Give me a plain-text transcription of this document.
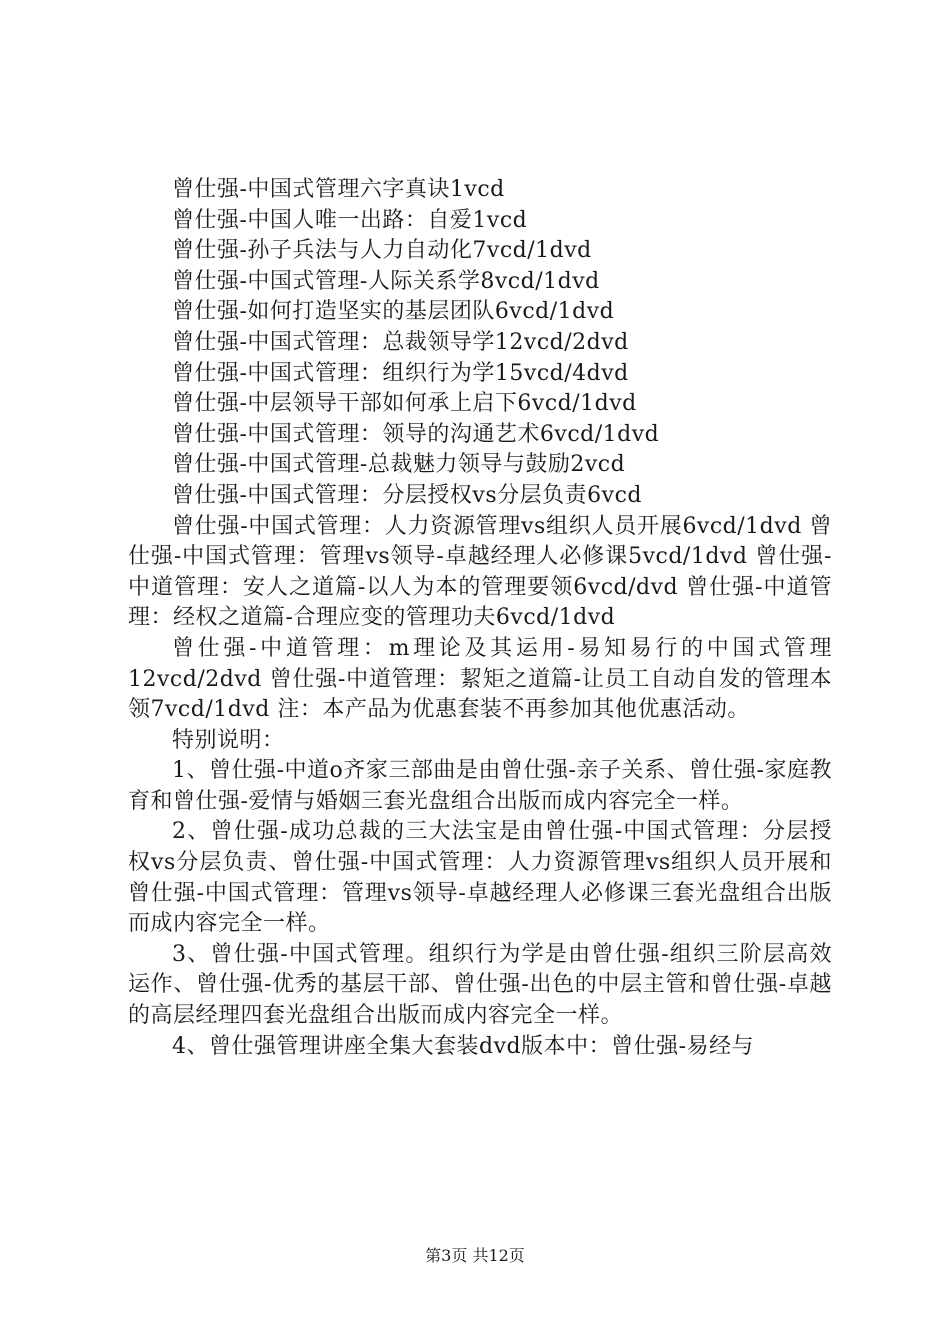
曾仕强-中国式管理六字真诀1vcd

曾仕强-中国人唯一出路：自爱1vcd

曾仕强-孙子兵法与人力自动化7vcd/1dvd

曾仕强-中国式管理-人际关系学8vcd/1dvd

曾仕强-如何打造坚实的基层团队6vcd/1dvd

曾仕强-中国式管理：总裁领导学12vcd/2dvd

曾仕强-中国式管理：组织行为学15vcd/4dvd

曾仕强-中层领导干部如何承上启下6vcd/1dvd

曾仕强-中国式管理：领导的沟通艺术6vcd/1dvd

曾仕强-中国式管理-总裁魅力领导与鼓励2vcd

曾仕强-中国式管理：分层授权vs分层负责6vcd

曾仕强-中国式管理：人力资源管理vs组织人员开展6vcd/1dvd 曾仕强-中国式管理：管理vs领导-卓越经理人必修课5vcd/1dvd 曾仕强-中道管理：安人之道篇-以人为本的管理要领6vcd/dvd 曾仕强-中道管理：经权之道篇-合理应变的管理功夫6vcd/1dvd

曾仕强-中道管理：m理论及其运用-易知易行的中国式管理12vcd/2dvd 曾仕强-中道管理：絜矩之道篇-让员工自动自发的管理本领7vcd/1dvd 注：本产品为优惠套装不再参加其他优惠活动。

特别说明：

1、曾仕强-中道o齐家三部曲是由曾仕强-亲子关系、曾仕强-家庭教育和曾仕强-爱情与婚姻三套光盘组合出版而成内容完全一样。

2、曾仕强-成功总裁的三大法宝是由曾仕强-中国式管理：分层授权vs分层负责、曾仕强-中国式管理：人力资源管理vs组织人员开展和曾仕强-中国式管理：管理vs领导-卓越经理人必修课三套光盘组合出版而成内容完全一样。

3、曾仕强-中国式管理。组织行为学是由曾仕强-组织三阶层高效运作、曾仕强-优秀的基层干部、曾仕强-出色的中层主管和曾仕强-卓越的高层经理四套光盘组合出版而成内容完全一样。

4、曾仕强管理讲座全集大套装dvd版本中：曾仕强-易经与

第3页 共12页
